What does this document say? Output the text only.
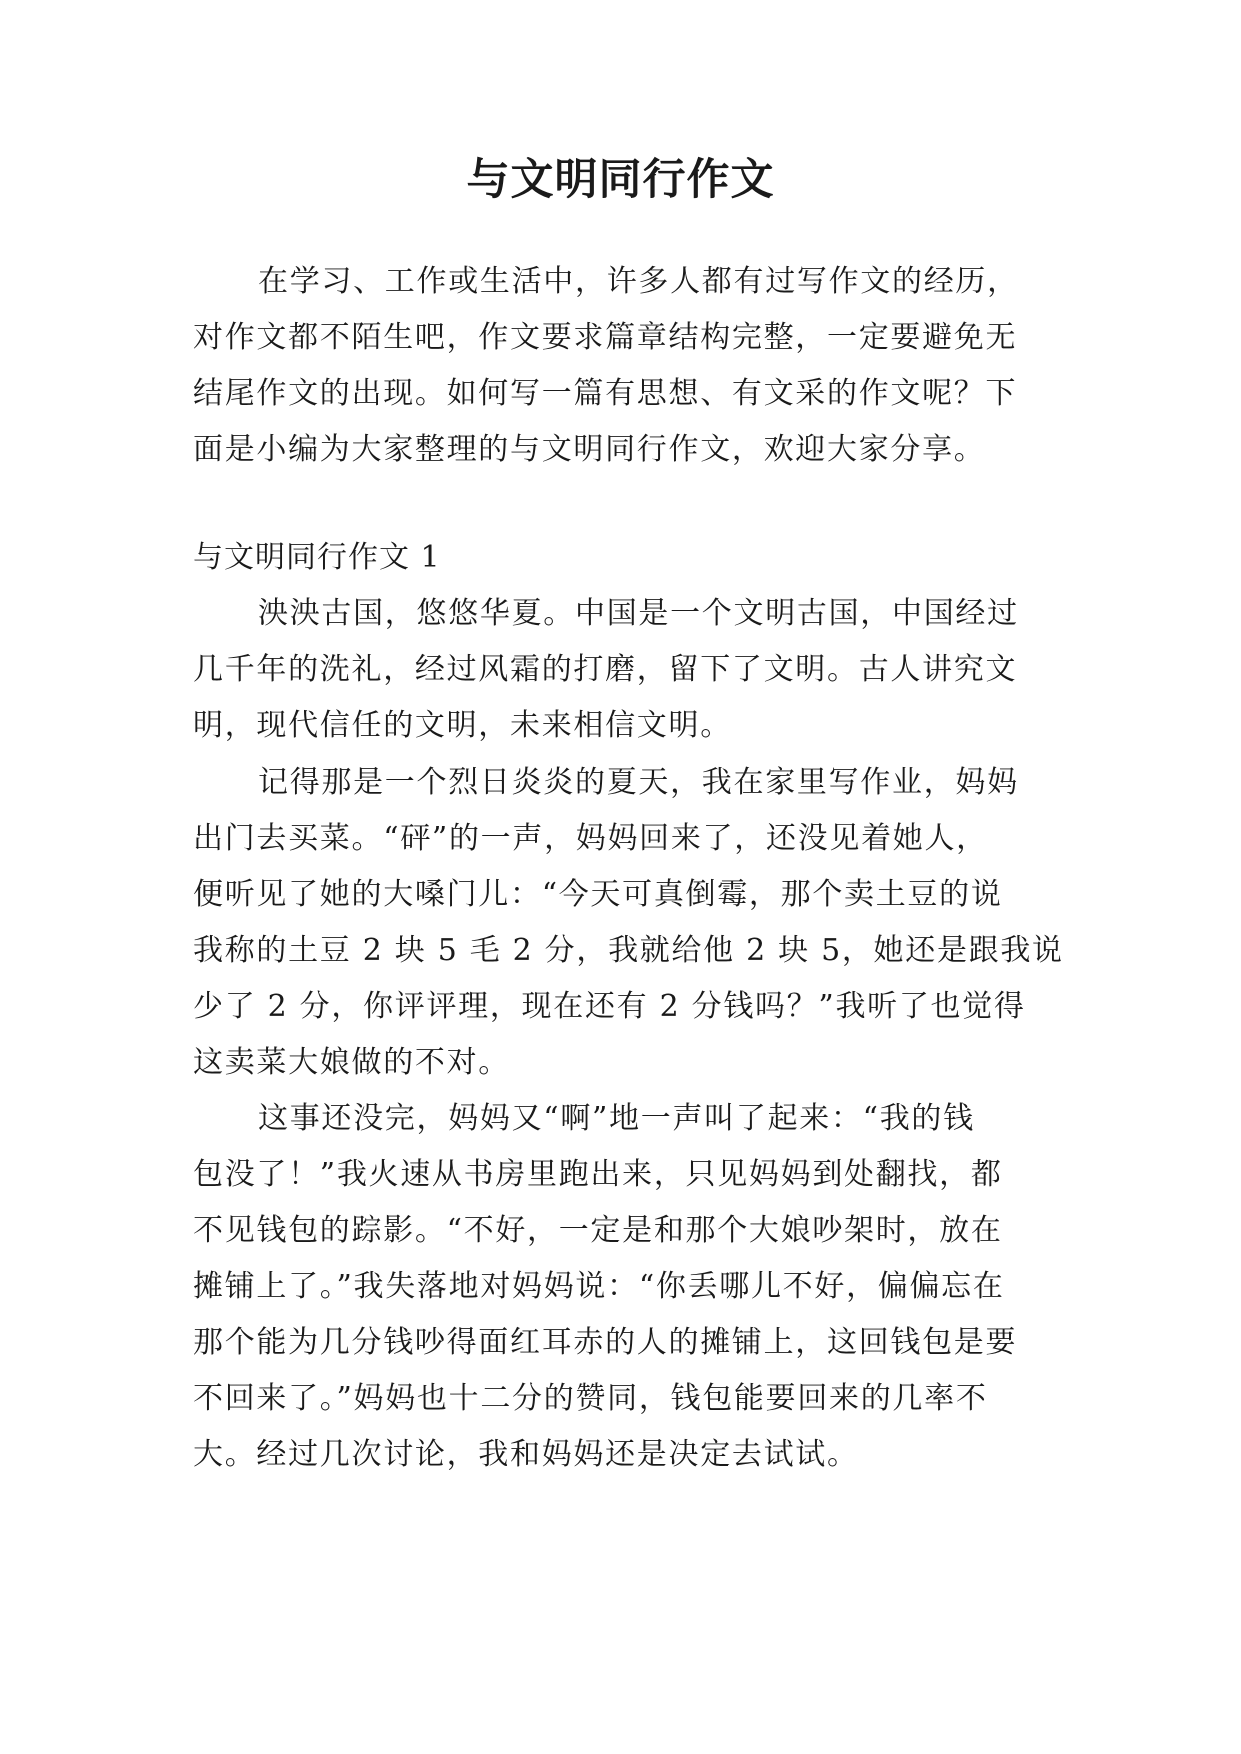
与文明同行作文

在学习、工作或生活中，许多人都有过写作文的经历，

对作文都不陌生吧，作文要求篇章结构完整，一定要避免无

结尾作文的出现。如何写一篇有思想、有文采的作文呢？下

面是小编为大家整理的与文明同行作文，欢迎大家分享。

与文明同行作文 1

泱泱古国，悠悠华夏。中国是一个文明古国，中国经过

几千年的洗礼，经过风霜的打磨，留下了文明。古人讲究文

明，现代信任的文明，未来相信文明。

记得那是一个烈日炎炎的夏天，我在家里写作业，妈妈

出门去买菜。“砰”的一声，妈妈回来了，还没见着她人，

便听见了她的大嗓门儿：“今天可真倒霉，那个卖土豆的说

我称的土豆 2 块 5 毛 2 分，我就给他 2 块 5，她还是跟我说

少了 2 分，你评评理，现在还有 2 分钱吗？”我听了也觉得

这卖菜大娘做的不对。

这事还没完，妈妈又“啊”地一声叫了起来：“我的钱

包没了！”我火速从书房里跑出来，只见妈妈到处翻找，都

不见钱包的踪影。“不好，一定是和那个大娘吵架时，放在

摊铺上了。”我失落地对妈妈说：“你丢哪儿不好，偏偏忘在

那个能为几分钱吵得面红耳赤的人的摊铺上，这回钱包是要

不回来了。”妈妈也十二分的赞同，钱包能要回来的几率不

大。经过几次讨论，我和妈妈还是决定去试试。
